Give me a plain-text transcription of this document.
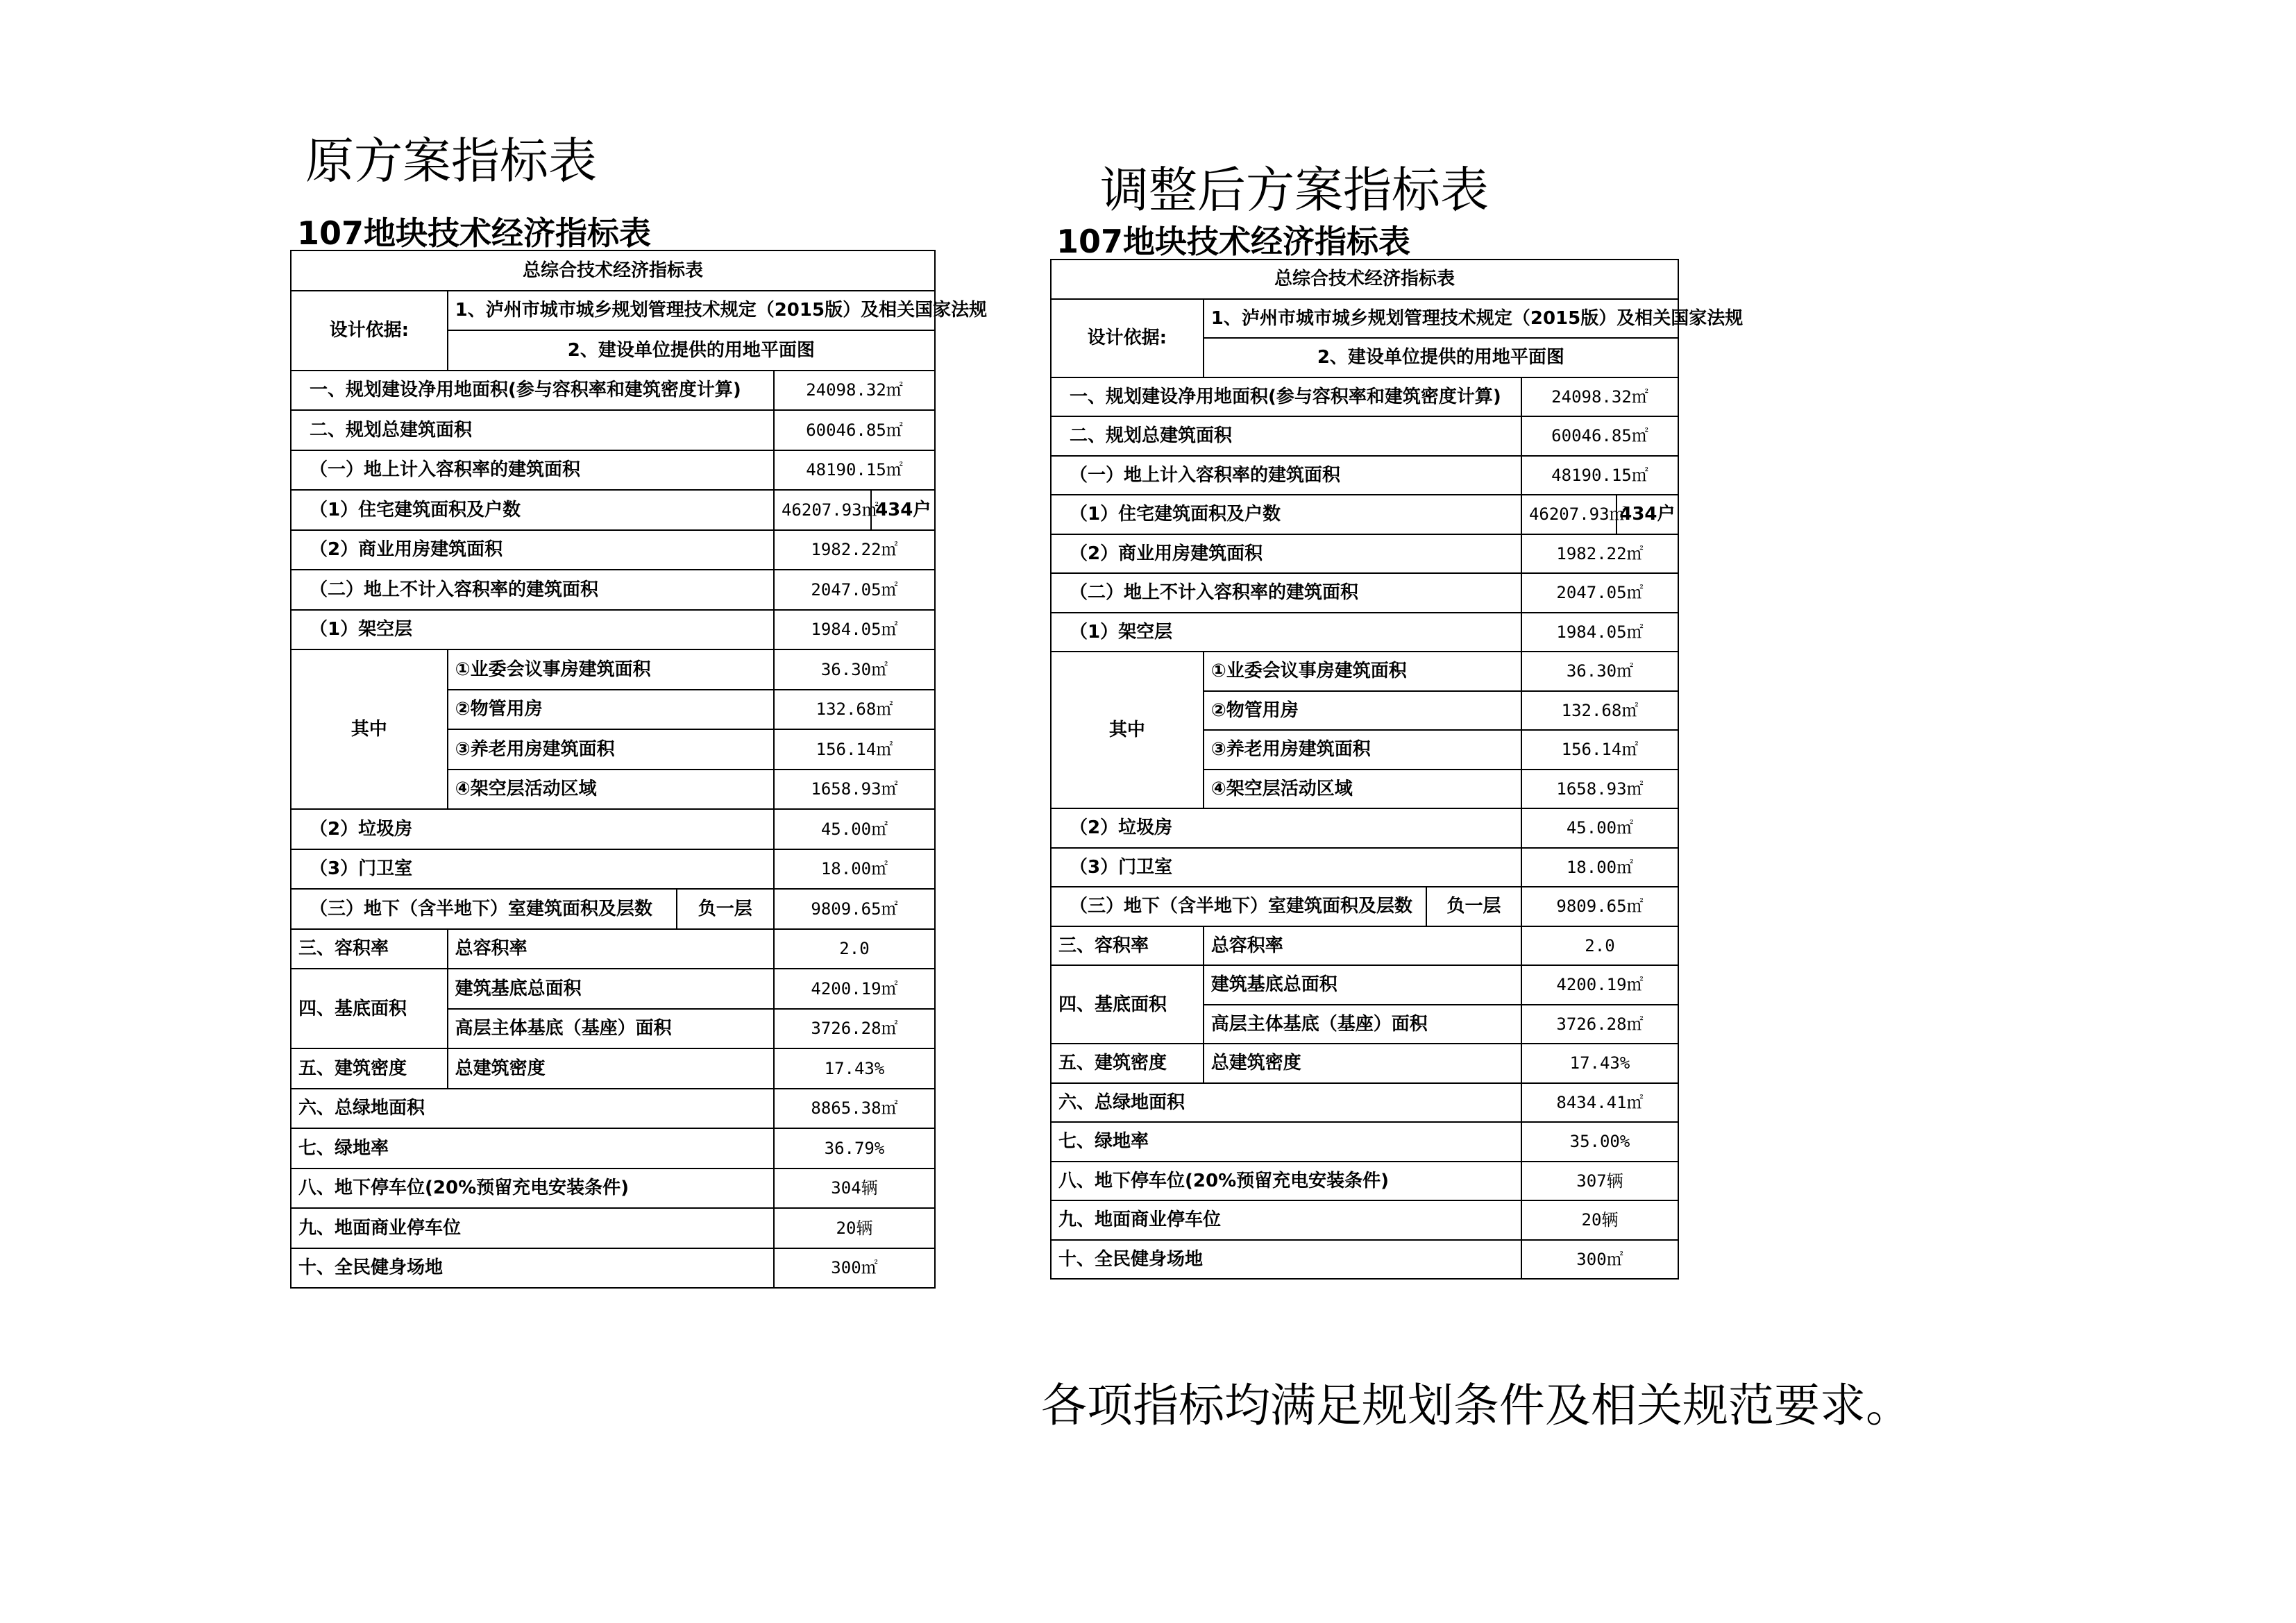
原方案指标表
107地块技术经济指标表
调整后方案指标表
107地块技术经济指标表
总综合技术经济指标表				
设计依据:	1、泸州市城市城乡规划管理技术规定（2015版）及相关国家法规			
	2、建设单位提供的用地平面图			
一、规划建设净用地面积(参与容积率和建筑密度计算)			24098.32㎡	
二、规划总建筑面积			60046.85㎡	
（一）地上计入容积率的建筑面积			48190.15㎡	
（1）住宅建筑面积及户数			46207.93㎡	434户
（2）商业用房建筑面积			1982.22㎡	
（二）地上不计入容积率的建筑面积			2047.05㎡	
（1）架空层			1984.05㎡	
其中	①业委会议事房建筑面积		36.30㎡	
	②物管用房		132.68㎡	
	③养老用房建筑面积		156.14㎡	
	④架空层活动区域		1658.93㎡	
（2）垃圾房			45.00㎡	
（3）门卫室			18.00㎡	
（三）地下（含半地下）室建筑面积及层数		负一层	9809.65㎡	
三、容积率	总容积率		2.0	
四、基底面积	建筑基底总面积		4200.19㎡	
	高层主体基底（基座）面积		3726.28㎡	
五、建筑密度	总建筑密度		17.43%	
六、总绿地面积			8865.38㎡	
七、绿地率			36.79%	
八、地下停车位(20%预留充电安装条件)			304辆	
九、地面商业停车位			20辆	
十、全民健身场地			300㎡	
总综合技术经济指标表				
设计依据:	1、泸州市城市城乡规划管理技术规定（2015版）及相关国家法规			
	2、建设单位提供的用地平面图			
一、规划建设净用地面积(参与容积率和建筑密度计算)			24098.32㎡	
二、规划总建筑面积			60046.85㎡	
（一）地上计入容积率的建筑面积			48190.15㎡	
（1）住宅建筑面积及户数			46207.93㎡	434户
（2）商业用房建筑面积			1982.22㎡	
（二）地上不计入容积率的建筑面积			2047.05㎡	
（1）架空层			1984.05㎡	
其中	①业委会议事房建筑面积		36.30㎡	
	②物管用房		132.68㎡	
	③养老用房建筑面积		156.14㎡	
	④架空层活动区域		1658.93㎡	
（2）垃圾房			45.00㎡	
（3）门卫室			18.00㎡	
（三）地下（含半地下）室建筑面积及层数		负一层	9809.65㎡	
三、容积率	总容积率		2.0	
四、基底面积	建筑基底总面积		4200.19㎡	
	高层主体基底（基座）面积		3726.28㎡	
五、建筑密度	总建筑密度		17.43%	
六、总绿地面积			8434.41㎡	
七、绿地率			35.00%	
八、地下停车位(20%预留充电安装条件)			307辆	
九、地面商业停车位			20辆	
十、全民健身场地			300㎡	
各项指标均满足规划条件及相关规范要求。
